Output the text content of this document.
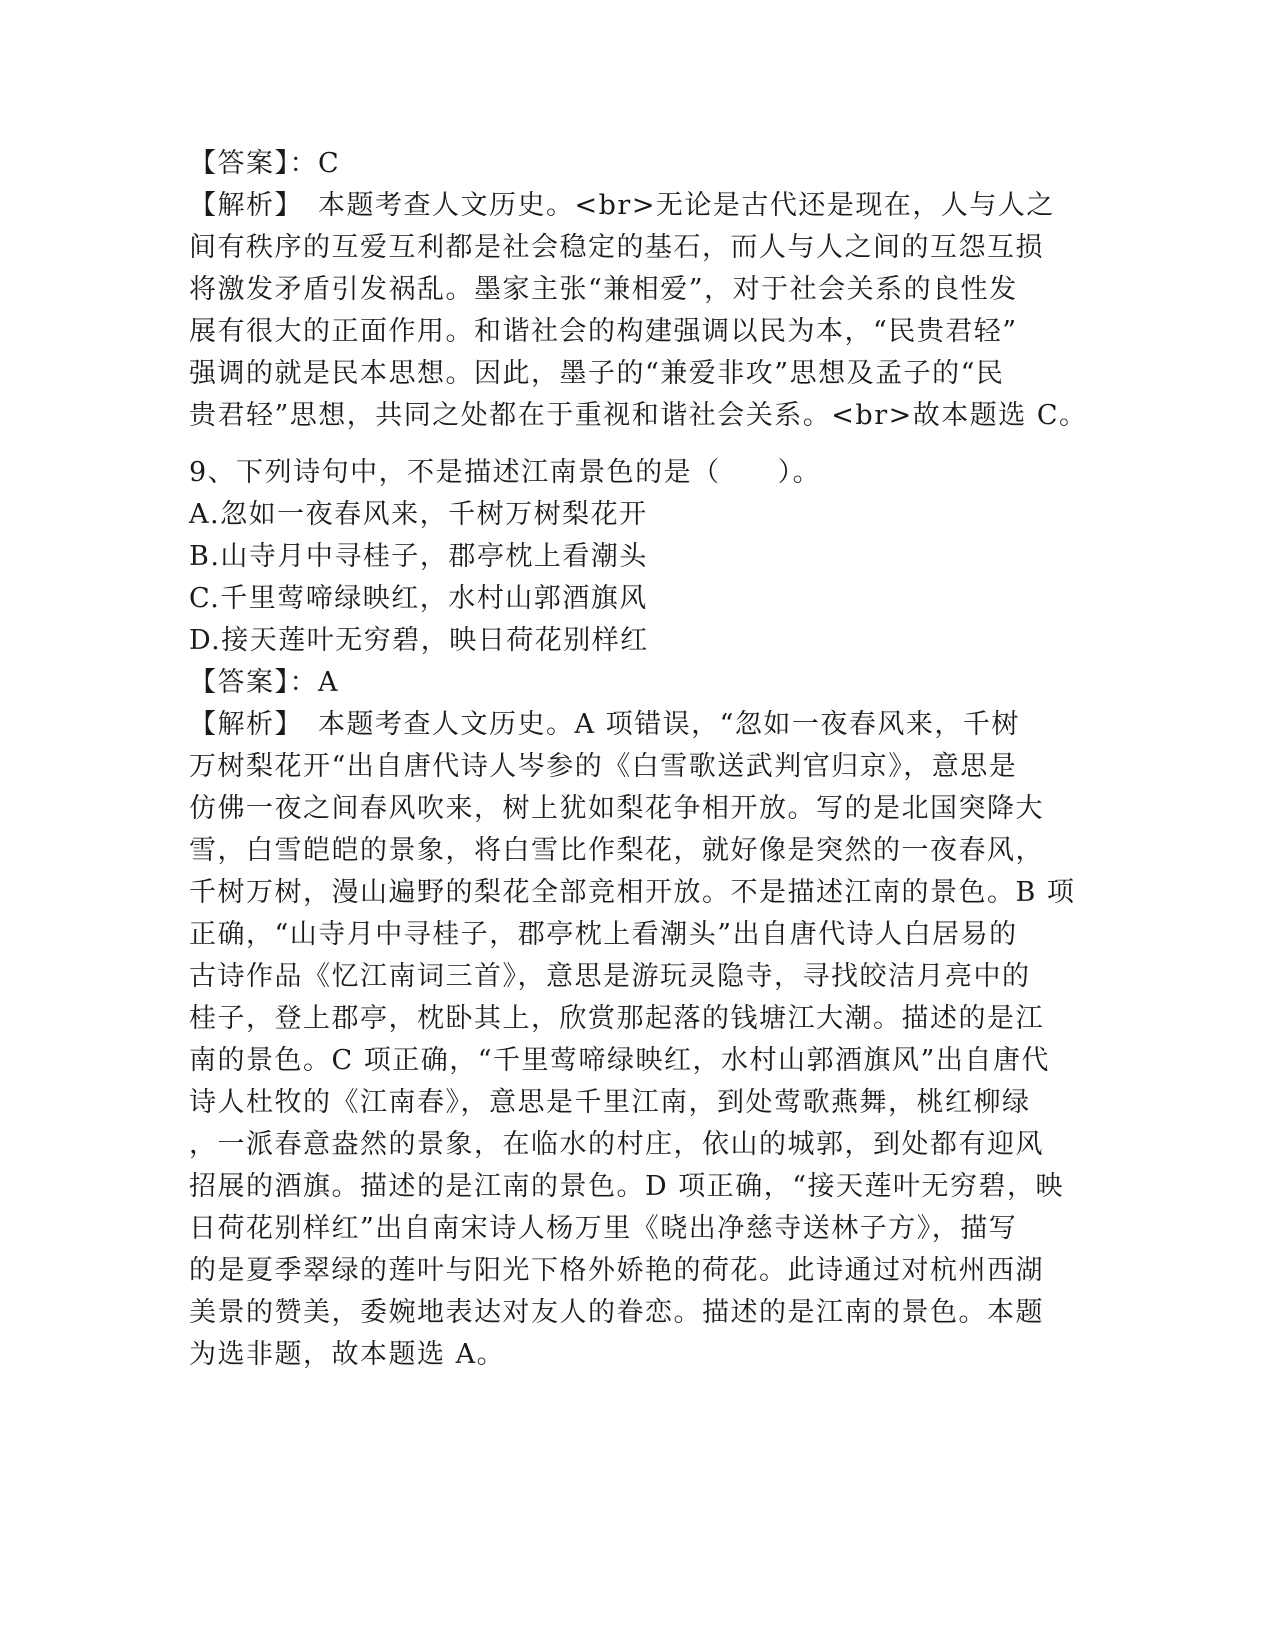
【答案】：C
【解析】　本题考查人文历史。<br>无论是古代还是现在，人与人之
间有秩序的互爱互利都是社会稳定的基石，而人与人之间的互怨互损
将激发矛盾引发祸乱。墨家主张“兼相爱”，对于社会关系的良性发
展有很大的正面作用。和谐社会的构建强调以民为本，“民贵君轻”
强调的就是民本思想。因此，墨子的“兼爱非攻”思想及孟子的“民
贵君轻”思想，共同之处都在于重视和谐社会关系。<br>故本题选 C。
9、下列诗句中，不是描述江南景色的是（　　）。
A.忽如一夜春风来，千树万树梨花开
B.山寺月中寻桂子，郡亭枕上看潮头
C.千里莺啼绿映红，水村山郭酒旗风
D.接天莲叶无穷碧，映日荷花别样红
【答案】：A
【解析】　本题考查人文历史。A 项错误，“忽如一夜春风来，千树
万树梨花开“出自唐代诗人岑参的《白雪歌送武判官归京》，意思是
仿佛一夜之间春风吹来，树上犹如梨花争相开放。写的是北国突降大
雪，白雪皑皑的景象，将白雪比作梨花，就好像是突然的一夜春风，
千树万树，漫山遍野的梨花全部竞相开放。不是描述江南的景色。B 项
正确，“山寺月中寻桂子，郡亭枕上看潮头”出自唐代诗人白居易的
古诗作品《忆江南词三首》，意思是游玩灵隐寺，寻找皎洁月亮中的
桂子，登上郡亭，枕卧其上，欣赏那起落的钱塘江大潮。描述的是江
南的景色。C 项正确，“千里莺啼绿映红，水村山郭酒旗风”出自唐代
诗人杜牧的《江南春》，意思是千里江南，到处莺歌燕舞，桃红柳绿
，一派春意盎然的景象，在临水的村庄，依山的城郭，到处都有迎风
招展的酒旗。描述的是江南的景色。D 项正确，“接天莲叶无穷碧，映
日荷花别样红”出自南宋诗人杨万里《晓出净慈寺送林子方》，描写
的是夏季翠绿的莲叶与阳光下格外娇艳的荷花。此诗通过对杭州西湖
美景的赞美，委婉地表达对友人的眷恋。描述的是江南的景色。本题
为选非题，故本题选 A。
